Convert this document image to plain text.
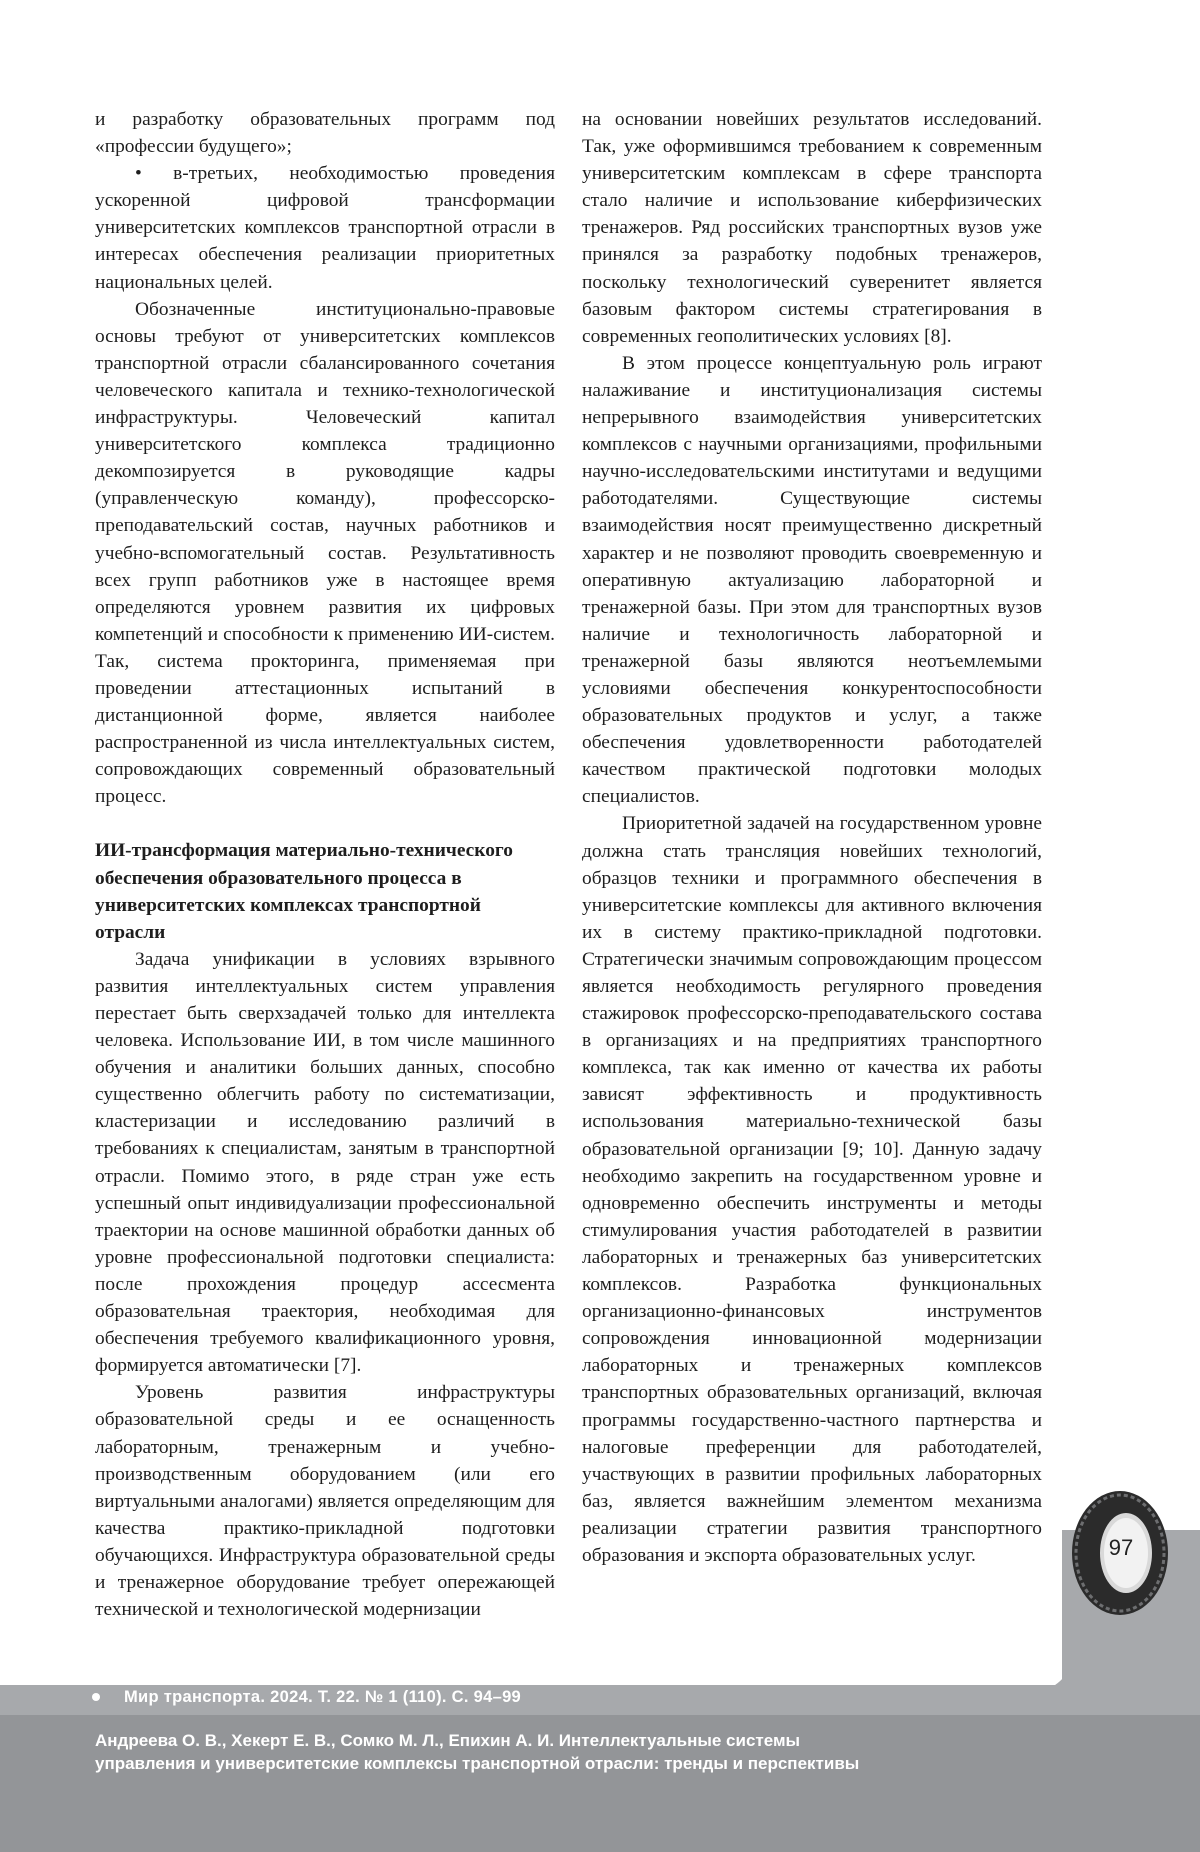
и разработку образовательных программ под «профессии будущего»;

• в-третьих, необходимостью проведения ускоренной цифровой трансформации университетских комплексов транспортной отрасли в интересах обеспечения реализации приоритетных национальных целей.

Обозначенные институционально-правовые основы требуют от университетских комплексов транспортной отрасли сбалансированного сочетания человеческого капитала и технико-технологической инфраструктуры. Человеческий капитал университетского комплекса традиционно декомпозируется в руководящие кадры (управленческую команду), профессорско-преподавательский состав, научных работников и учебно-вспомогательный состав. Результативность всех групп работников уже в настоящее время определяются уровнем развития их цифровых компетенций и способности к применению ИИ-систем. Так, система прокторинга, применяемая при проведении аттестационных испытаний в дистанционной форме, является наиболее распространенной из числа интеллектуальных систем, сопровождающих современный образовательный процесс.

ИИ-трансформация материально-технического обеспечения образовательного процесса в университетских комплексах транспортной отрасли

Задача унификации в условиях взрывного развития интеллектуальных систем управления перестает быть сверхзадачей только для интеллекта человека. Использование ИИ, в том числе машинного обучения и аналитики больших данных, способно существенно облегчить работу по систематизации, кластеризации и исследованию различий в требованиях к специалистам, занятым в транспортной отрасли. Помимо этого, в ряде стран уже есть успешный опыт индивидуализации профессиональной траектории на основе машинной обработки данных об уровне профессиональной подготовки специалиста: после прохождения процедур ассесмента образовательная траектория, необходимая для обеспечения требуемого квалификационного уровня, формируется автоматически [7].

Уровень развития инфраструктуры образовательной среды и ее оснащенность лабораторным, тренажерным и учебно-производственным оборудованием (или его виртуальными аналогами) является определяющим для качества практико-прикладной подготовки обучающихся. Инфраструктура образовательной среды и тренажерное оборудование требует опережающей технической и технологической модернизации

на основании новейших результатов исследований. Так, уже оформившимся требованием к современным университетским комплексам в сфере транспорта стало наличие и использование киберфизических тренажеров. Ряд российских транспортных вузов уже принялся за разработку подобных тренажеров, поскольку технологический суверенитет является базовым фактором системы стратегирования в современных геополитических условиях [8].

В этом процессе концептуальную роль играют налаживание и институционализация системы непрерывного взаимодействия университетских комплексов с научными организациями, профильными научно-исследовательскими институтами и ведущими работодателями. Существующие системы взаимодействия носят преимущественно дискретный характер и не позволяют проводить своевременную и оперативную актуализацию лабораторной и тренажерной базы. При этом для транспортных вузов наличие и технологичность лабораторной и тренажерной базы являются неотъемлемыми условиями обеспечения конкурентоспособности образовательных продуктов и услуг, а также обеспечения удовлетворенности работодателей качеством практической подготовки молодых специалистов.

Приоритетной задачей на государственном уровне должна стать трансляция новейших технологий, образцов техники и программного обеспечения в университетские комплексы для активного включения их в систему практико-прикладной подготовки. Стратегически значимым сопровождающим процессом является необходимость регулярного проведения стажировок профессорско-преподавательского состава в организациях и на предприятиях транспортного комплекса, так как именно от качества их работы зависят эффективность и продуктивность использования материально-технической базы образовательной организации [9; 10]. Данную задачу необходимо закрепить на государственном уровне и одновременно обеспечить инструменты и методы стимулирования участия работодателей в развитии лабораторных и тренажерных баз университетских комплексов. Разработка функциональных организационно-финансовых инструментов сопровождения инновационной модернизации лабораторных и тренажерных комплексов транспортных образовательных организаций, включая программы государственно-частного партнерства и налоговые преференции для работодателей, участвующих в развитии профильных лабораторных баз, является важнейшим элементом механизма реализации стратегии развития транспортного образования и экспорта образовательных услуг.	97
Мир транспорта. 2024. Т. 22. № 1 (110). С. 94–99
Андреева О. В., Хекерт Е. В., Сомко М. Л., Епихин А. И. Интеллектуальные системы
управления и университетские комплексы транспортной отрасли: тренды и перспективы
